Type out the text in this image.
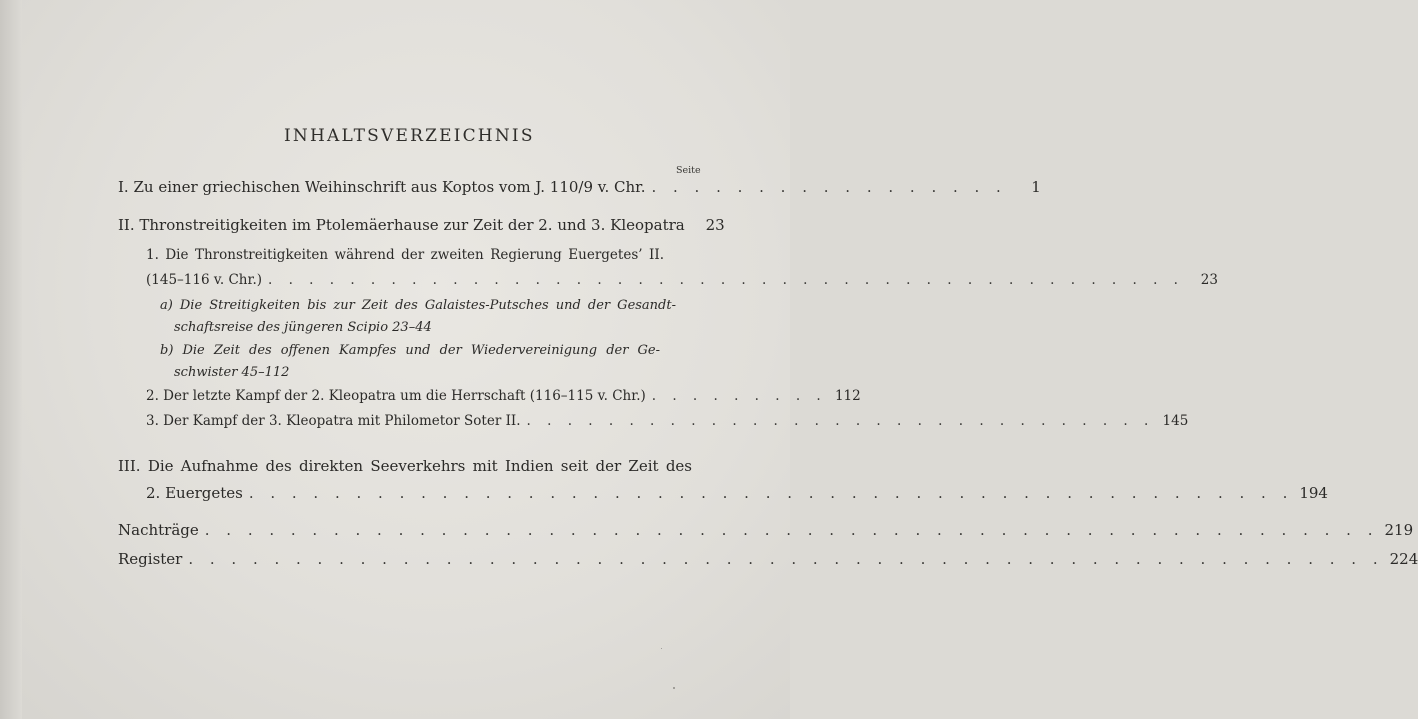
INHALTSVERZEICHNIS
Seite
I. Zu einer griechischen Weihinschrift aus Koptos vom J. 110/9 v. Chr. . . . . . . . . . . . . . . . . .	1
II. Thronstreitigkeiten im Ptolemäerhause zur Zeit der 2. und 3. Kleopatra	23
1. Die Thronstreitigkeiten während der zweiten Regierung Euergetes’ II.
(145–116 v. Chr.) . . . . . . . . . . . . . . . . . . . . . . . . . . . . . . . . . . . . . . . . . . . . .	23
a) Die Streitigkeiten bis zur Zeit des Galaistes-Putsches und der Gesandt-
schaftsreise des jüngeren Scipio 23–44
b) Die Zeit des offenen Kampfes und der Wiedervereinigung der Ge-
schwister 45–112
2. Der letzte Kampf der 2. Kleopatra um die Herrschaft (116–115 v. Chr.) . . . . . . . . . 112
3. Der Kampf der 3. Kleopatra mit Philometor Soter II. . . . . . . . . . . . . . . . . . . . . . . . . . . . . . . . 145
III. Die Aufnahme des direkten Seeverkehrs mit Indien seit der Zeit des
2. Euergetes . . . . . . . . . . . . . . . . . . . . . . . . . . . . . . . . . . . . . . . . . . . . . . . . . 194
Nachträge . . . . . . . . . . . . . . . . . . . . . . . . . . . . . . . . . . . . . . . . . . . . . . . . . . . . . . . 219
Register . . . . . . . . . . . . . . . . . . . . . . . . . . . . . . . . . . . . . . . . . . . . . . . . . . . . . . . . 224
